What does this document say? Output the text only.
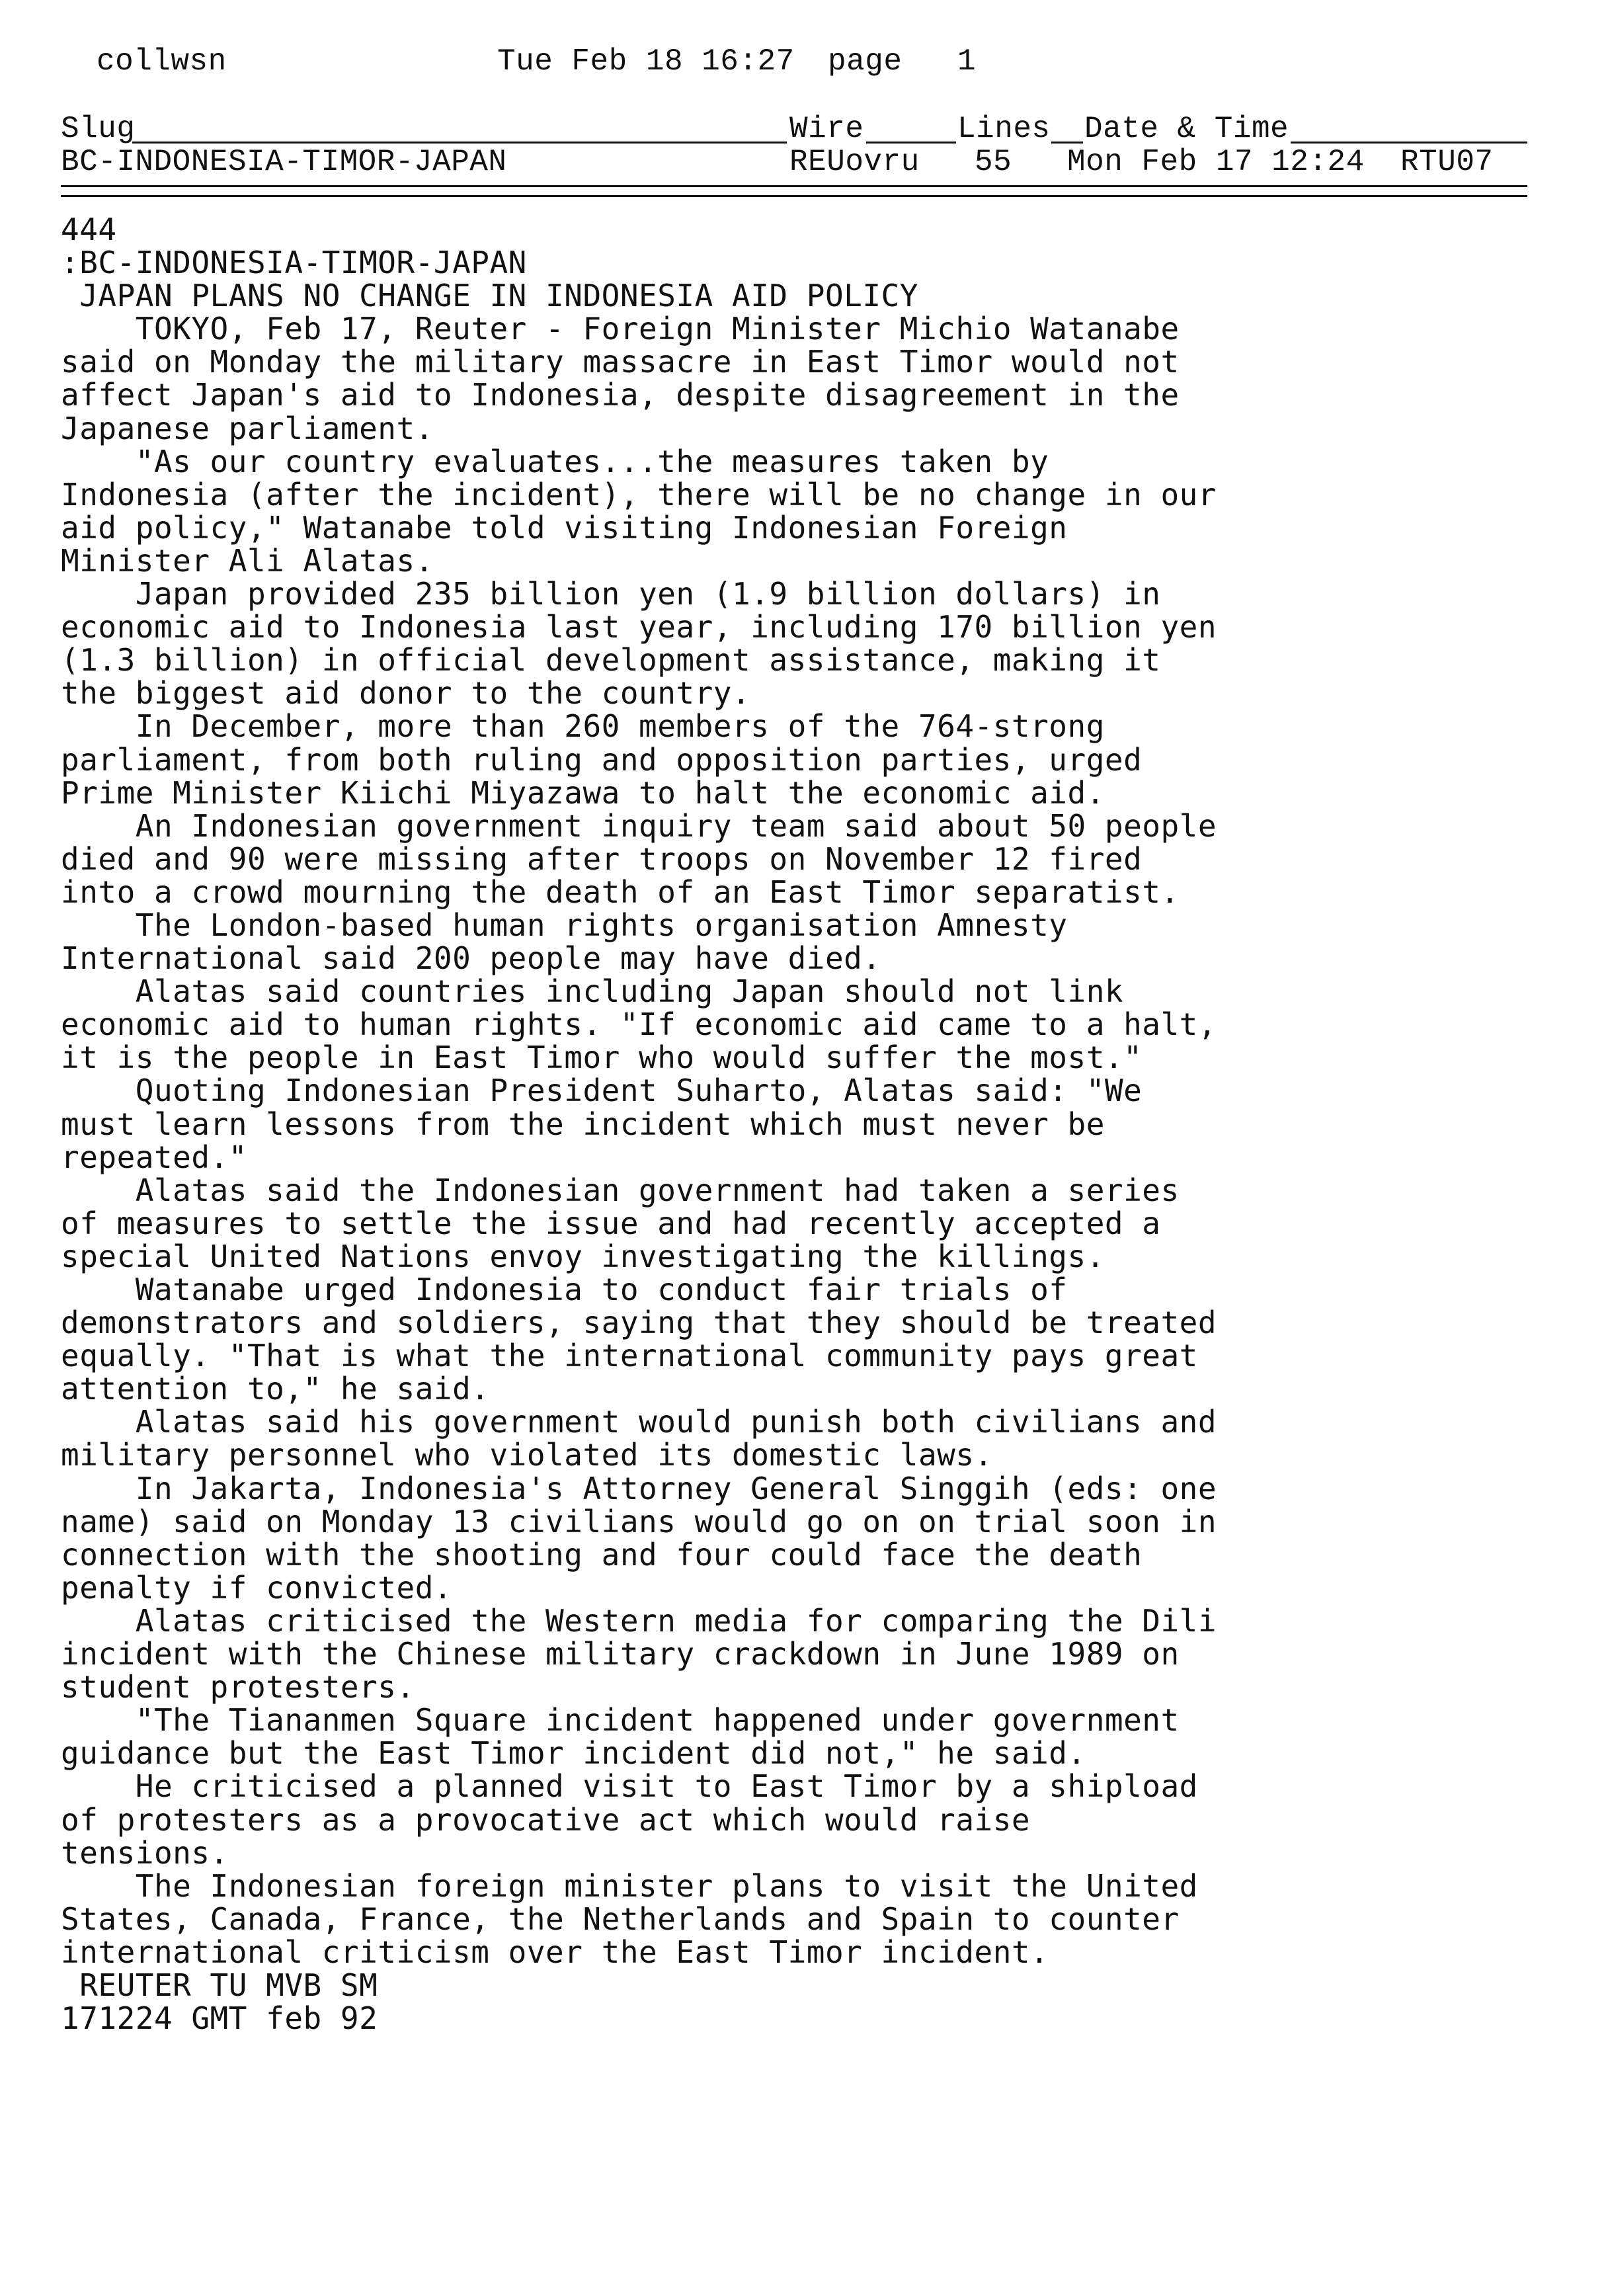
collwsn	Tue Feb 18 16:27 page 1
Slug	Wire	Lines Date & Time
BC-INDONESIA-TIMOR-JAPAN	REUovru 55 Mon Feb 17 12:24 RTU07
444
:BC-INDONESIA-TIMOR-JAPAN
JAPAN PLANS NO CHANGE IN INDONESIA AID POLICY
TOKYO, Feb 17, Reuter - Foreign Minister Michio Watanabe
said on Monday the military massacre in East Timor would not
affect Japan's aid to Indonesia, despite disagreement in the
Japanese parliament.
"As our country evaluates...the measures taken by
Indonesia (after the incident), there will be no change in our
aid policy," Watanabe told visiting Indonesian Foreign
Minister Ali Alatas.
Japan provided 235 billion yen (1.9 billion dollars) in
economic aid to Indonesia last year, including 170 billion yen
(1.3 billion) in official development assistance, making it
the biggest aid donor to the country.
In December, more than 260 members of the 764-strong
parliament, from both ruling and opposition parties, urged
Prime Minister Kiichi Miyazawa to halt the economic aid.
An Indonesian government inquiry team said about 50 people
died and 90 were missing after troops on November 12 fired
into a crowd mourning the death of an East Timor separatist.
The London-based human rights organisation Amnesty
International said 200 people may have died.
Alatas said countries including Japan should not link
economic aid to human rights. "If economic aid came to a halt,
it is the people in East Timor who would suffer the most."
Quoting Indonesian President Suharto, Alatas said: "We
must learn lessons from the incident which must never be
repeated."
Alatas said the Indonesian government had taken a series
of measures to settle the issue and had recently accepted a
special United Nations envoy investigating the killings.
Watanabe urged Indonesia to conduct fair trials of
demonstrators and soldiers, saying that they should be treated
equally. "That is what the international community pays great
attention to," he said.
Alatas said his government would punish both civilians and
military personnel who violated its domestic laws.
In Jakarta, Indonesia's Attorney General Singgih (eds: one
name) said on Monday 13 civilians would go on on trial soon in
connection with the shooting and four could face the death
penalty if convicted.
Alatas criticised the Western media for comparing the Dili
incident with the Chinese military crackdown in June 1989 on
student protesters.
"The Tiananmen Square incident happened under government
guidance but the East Timor incident did not," he said.
He criticised a planned visit to East Timor by a shipload
of protesters as a provocative act which would raise
tensions.
The Indonesian foreign minister plans to visit the United
States, Canada, France, the Netherlands and Spain to counter
international criticism over the East Timor incident.
REUTER TU MVB SM
171224 GMT feb 92
